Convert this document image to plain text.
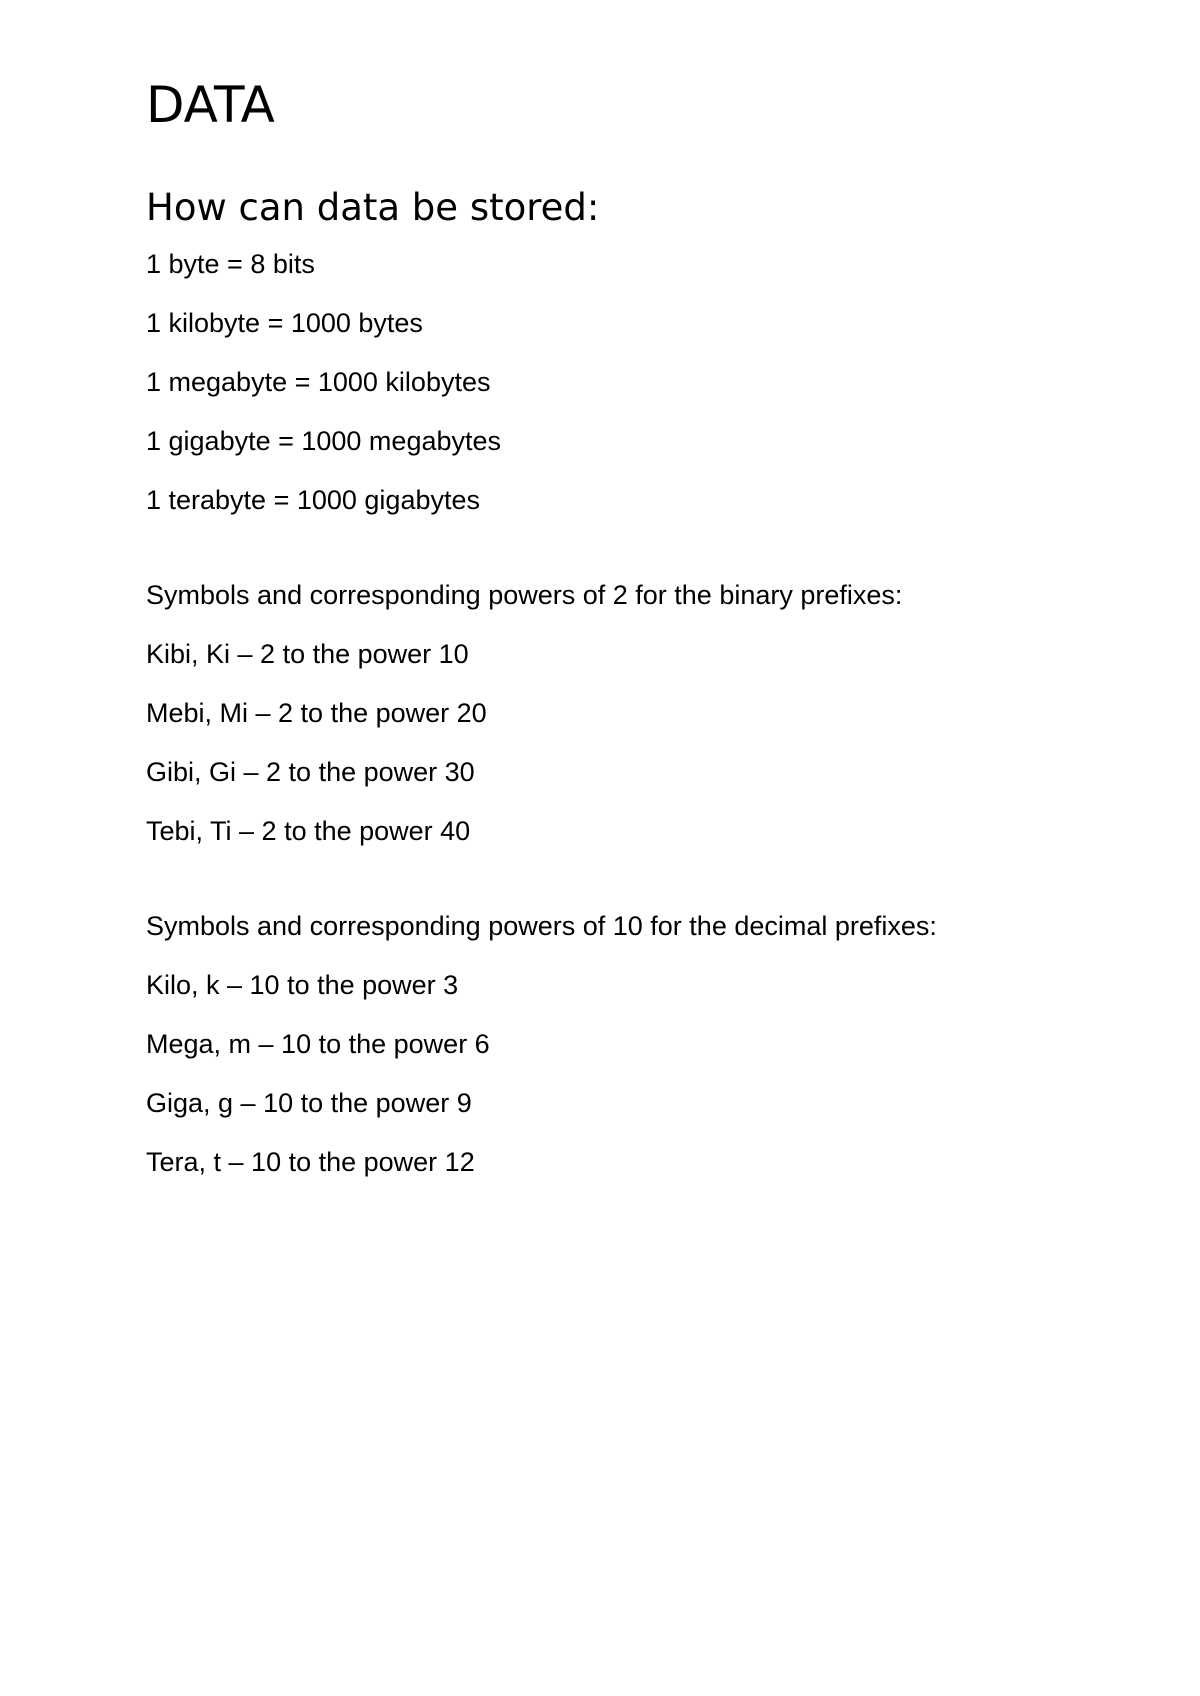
DATA
How can data be stored:

1 byte = 8 bits

1 kilobyte = 1000 bytes

1 megabyte = 1000 kilobytes

1 gigabyte = 1000 megabytes

1 terabyte = 1000 gigabytes

Symbols and corresponding powers of 2 for the binary prefixes:

Kibi, Ki – 2 to the power 10

Mebi, Mi – 2 to the power 20

Gibi, Gi – 2 to the power 30

Tebi, Ti – 2 to the power 40

Symbols and corresponding powers of 10 for the decimal prefixes:

Kilo, k – 10 to the power 3

Mega, m – 10 to the power 6

Giga, g – 10 to the power 9

Tera, t – 10 to the power 12
